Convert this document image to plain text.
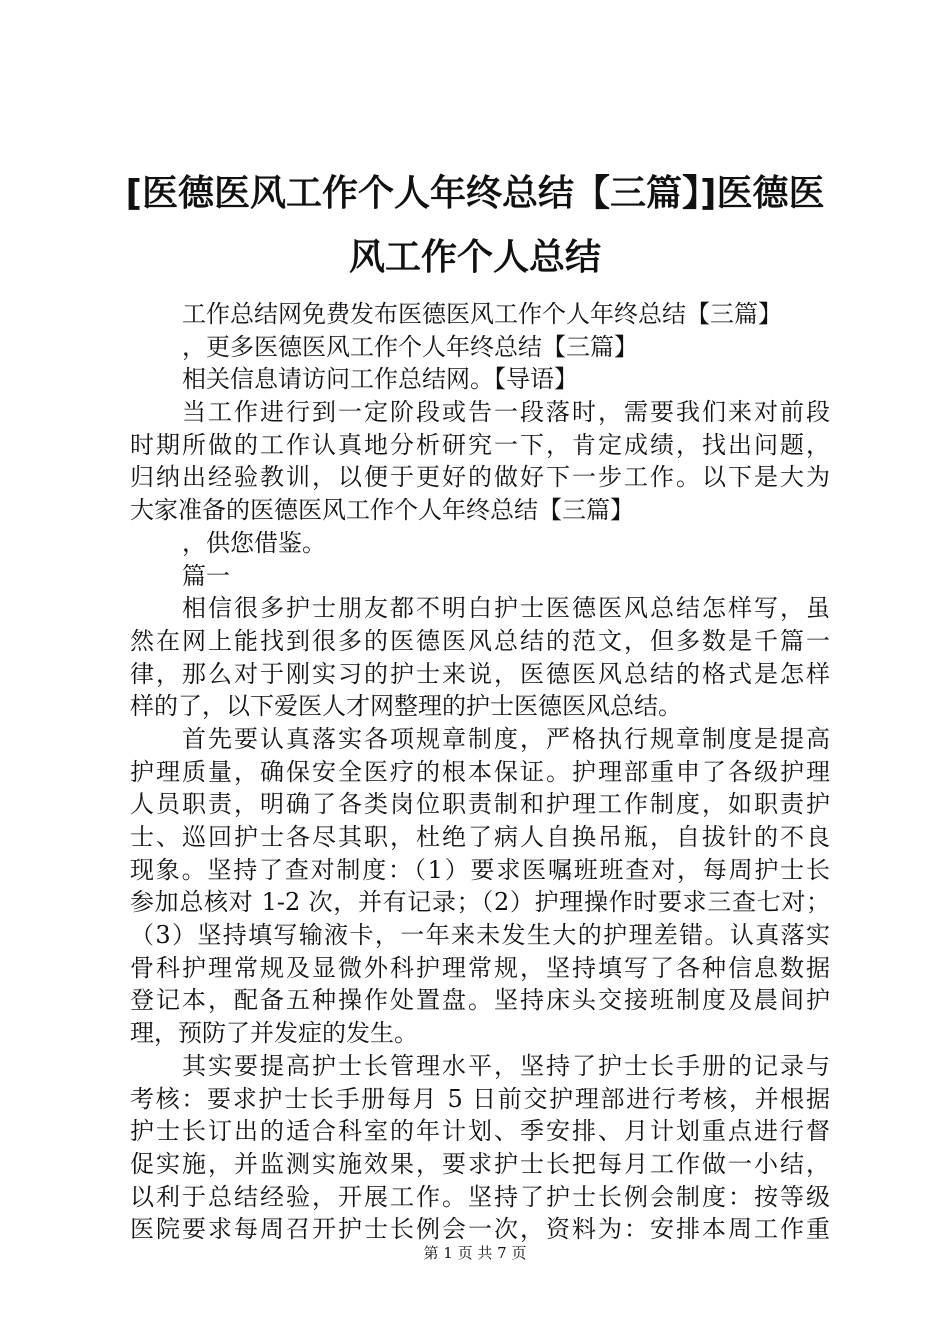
[医德医风工作个人年终总结【三篇】]医德医
风工作个人总结
工作总结网免费发布医德医风工作个人年终总结【三篇】
，更多医德医风工作个人年终总结【三篇】
相关信息请访问工作总结网。【导语】
当工作进行到一定阶段或告一段落时，需要我们来对前段
时期所做的工作认真地分析研究一下，肯定成绩，找出问题，
归纳出经验教训，以便于更好的做好下一步工作。以下是大为
大家准备的医德医风工作个人年终总结【三篇】
，供您借鉴。
篇一
相信很多护士朋友都不明白护士医德医风总结怎样写，虽
然在网上能找到很多的医德医风总结的范文，但多数是千篇一
律，那么对于刚实习的护士来说，医德医风总结的格式是怎样
样的了，以下爱医人才网整理的护士医德医风总结。
首先要认真落实各项规章制度，严格执行规章制度是提高
护理质量，确保安全医疗的根本保证。护理部重申了各级护理
人员职责，明确了各类岗位职责制和护理工作制度，如职责护
士、巡回护士各尽其职，杜绝了病人自换吊瓶，自拔针的不良
现象。坚持了查对制度：（1）要求医嘱班班查对，每周护士长
参加总核对 1-2 次，并有记录；（2）护理操作时要求三查七对；
（3）坚持填写输液卡，一年来未发生大的护理差错。认真落实
骨科护理常规及显微外科护理常规，坚持填写了各种信息数据
登记本，配备五种操作处置盘。坚持床头交接班制度及晨间护
理，预防了并发症的发生。
其实要提高护士长管理水平，坚持了护士长手册的记录与
考核：要求护士长手册每月 5 日前交护理部进行考核，并根据
护士长订出的适合科室的年计划、季安排、月计划重点进行督
促实施，并监测实施效果，要求护士长把每月工作做一小结，
以利于总结经验，开展工作。坚持了护士长例会制度：按等级
医院要求每周召开护士长例会一次，资料为：安排本周工作重
第 1 页 共 7 页
